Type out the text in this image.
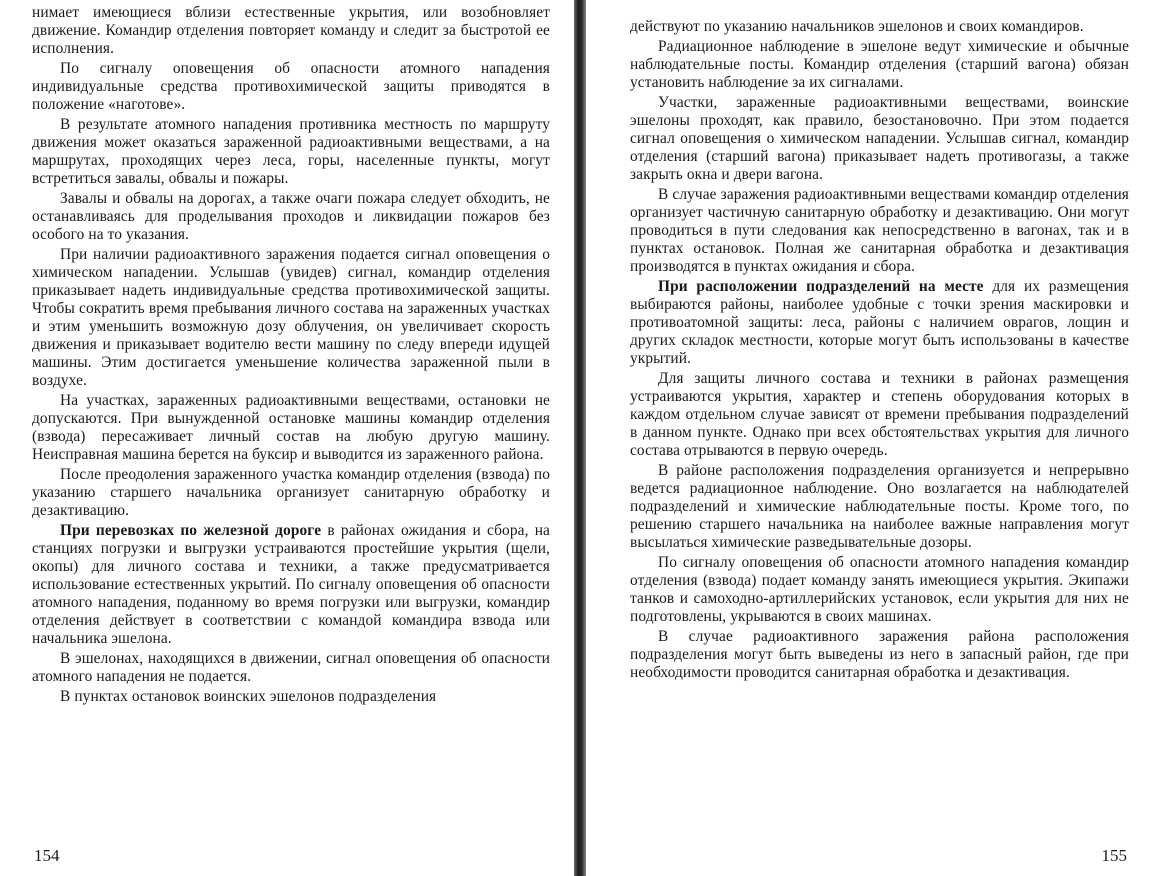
нимает имеющиеся вблизи естественные укрытия, или возобновляет движение. Командир отделения повторяет команду и следит за быстротой ее исполнения.

По сигналу оповещения об опасности атомного нападения индивидуальные средства противохимической защиты приводятся в положение «наготове».

В результате атомного нападения противника местность по маршруту движения может оказаться зараженной радиоактивными веществами, а на маршрутах, проходящих через леса, горы, населенные пункты, могут встретиться завалы, обвалы и пожары.

Завалы и обвалы на дорогах, а также очаги пожара следует обходить, не останавливаясь для проделывания проходов и ликвидации пожаров без особого на то указания.

При наличии радиоактивного заражения подается сигнал оповещения о химическом нападении. Услышав (увидев) сигнал, командир отделения приказывает надеть индивидуальные средства противохимической защиты. Чтобы сократить время пребывания личного состава на зараженных участках и этим уменьшить возможную дозу облучения, он увеличивает скорость движения и приказывает водителю вести машину по следу впереди идущей машины. Этим достигается уменьшение количества зараженной пыли в воздухе.

На участках, зараженных радиоактивными веществами, остановки не допускаются. При вынужденной остановке машины командир отделения (взвода) пересаживает личный состав на любую другую машину. Неисправная машина берется на буксир и выводится из зараженного района.

После преодоления зараженного участка командир отделения (взвода) по указанию старшего начальника организует санитарную обработку и дезактивацию.

При перевозках по железной дороге в районах ожидания и сбора, на станциях погрузки и выгрузки устраиваются простейшие укрытия (щели, окопы) для личного состава и техники, а также предусматривается использование естественных укрытий. По сигналу оповещения об опасности атомного нападения, поданному во время погрузки или выгрузки, командир отделения действует в соответствии с командой командира взвода или начальника эшелона.

В эшелонах, находящихся в движении, сигнал оповещения об опасности атомного нападения не подается.

В пунктах остановок воинских эшелонов подразделения

154

действуют по указанию начальников эшелонов и своих командиров.

Радиационное наблюдение в эшелоне ведут химические и обычные наблюдательные посты. Командир отделения (старший вагона) обязан установить наблюдение за их сигналами.

Участки, зараженные радиоактивными веществами, воинские эшелоны проходят, как правило, безостановочно. При этом подается сигнал оповещения о химическом нападении. Услышав сигнал, командир отделения (старший вагона) приказывает надеть противогазы, а также закрыть окна и двери вагона.

В случае заражения радиоактивными веществами командир отделения организует частичную санитарную обработку и дезактивацию. Они могут проводиться в пути следования как непосредственно в вагонах, так и в пунктах остановок. Полная же санитарная обработка и дезактивация производятся в пунктах ожидания и сбора.

При расположении подразделений на месте для их размещения выбираются районы, наиболее удобные с точки зрения маскировки и противоатомной защиты: леса, районы с наличием оврагов, лощин и других складок местности, которые могут быть использованы в качестве укрытий.

Для защиты личного состава и техники в районах размещения устраиваются укрытия, характер и степень оборудования которых в каждом отдельном случае зависят от времени пребывания подразделений в данном пункте. Однако при всех обстоятельствах укрытия для личного состава отрываются в первую очередь.

В районе расположения подразделения организуется и непрерывно ведется радиационное наблюдение. Оно возлагается на наблюдателей подразделений и химические наблюдательные посты. Кроме того, по решению старшего начальника на наиболее важные направления могут высылаться химические разведывательные дозоры.

По сигналу оповещения об опасности атомного нападения командир отделения (взвода) подает команду занять имеющиеся укрытия. Экипажи танков и самоходно-артиллерийских установок, если укрытия для них не подготовлены, укрываются в своих машинах.

В случае радиоактивного заражения района расположения подразделения могут быть выведены из него в запасный район, где при необходимости проводится санитарная обработка и дезактивация.

155
